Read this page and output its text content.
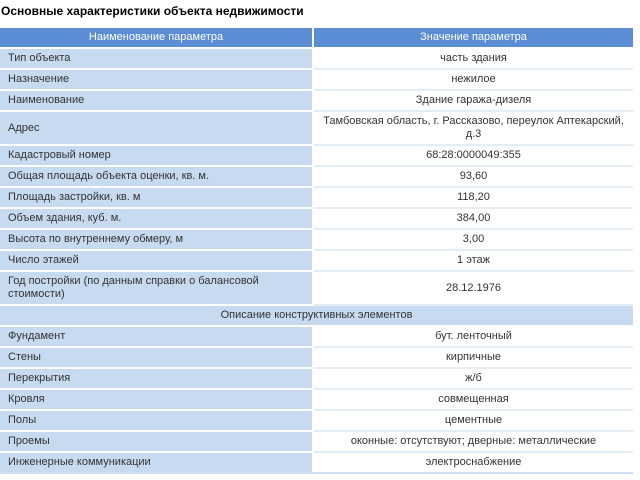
Основные характеристики объекта недвижимости
Наименование параметра	Значение параметра
Тип объекта	часть здания
Назначение	нежилое
Наименование	Здание гаража-дизеля
Адрес	Тамбовская область, г. Рассказово, переулок Аптекарский, д.3
Кадастровый номер	68:28:0000049:355
Общая площадь объекта оценки, кв. м.	93,60
Площадь застройки, кв. м	118,20
Объем здания, куб. м.	384,00
Высота по внутреннему обмеру, м	3,00
Число этажей	1 этаж
Год постройки (по данным справки о балансовой стоимости)	28.12.1976
Описание конструктивных элементов	
Фундамент	бут. ленточный
Стены	кирпичные
Перекрытия	ж/б
Кровля	совмещенная
Полы	цементные
Проемы	оконные: отсутствуют; дверные: металлические
Инженерные коммуникации	электроснабжение
